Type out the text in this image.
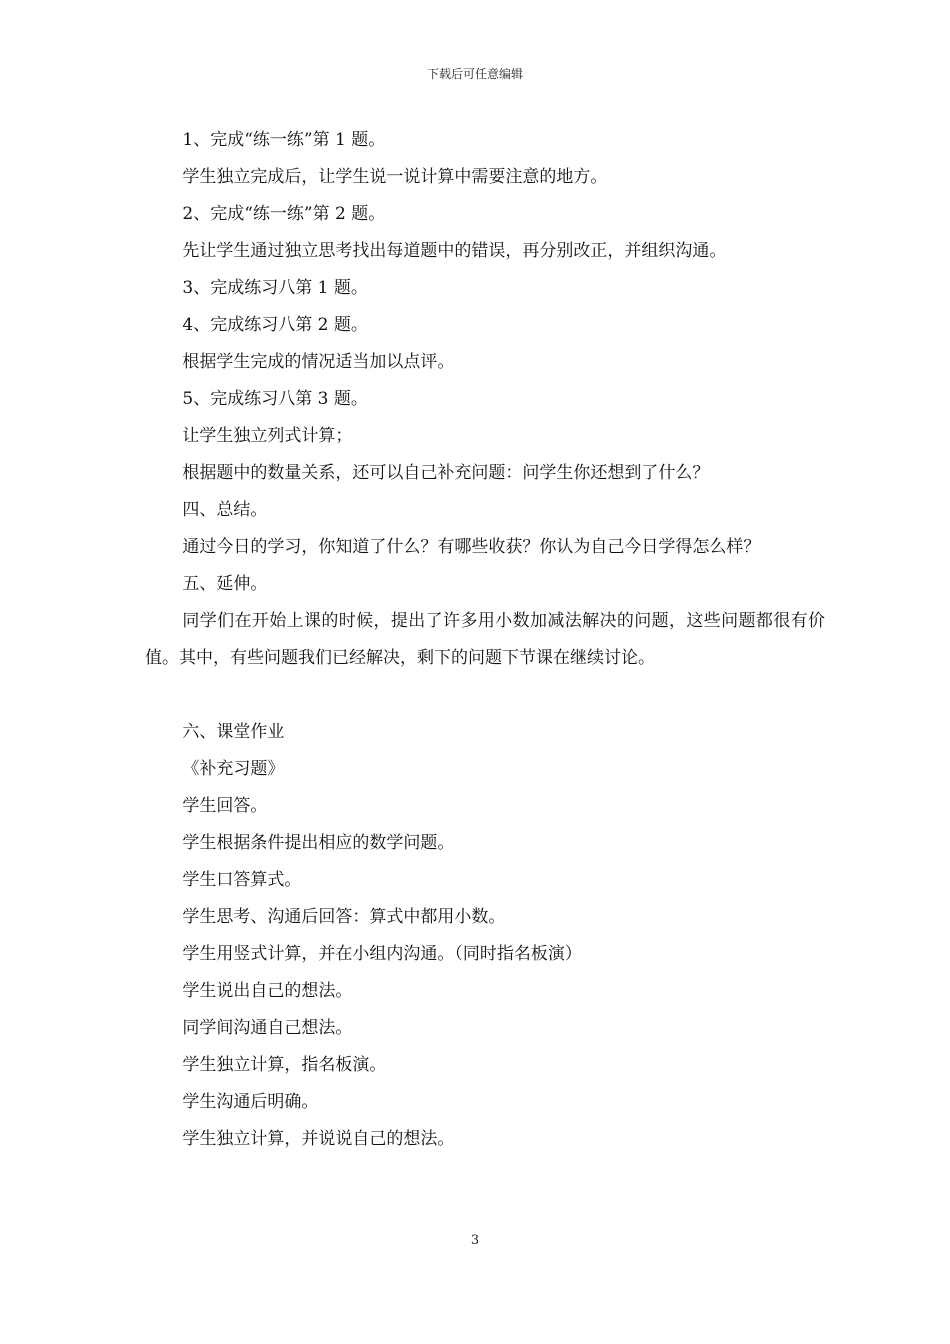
下载后可任意编辑

1、完成“练一练”第 1 题。

学生独立完成后，让学生说一说计算中需要注意的地方。

2、完成“练一练”第 2 题。

先让学生通过独立思考找出每道题中的错误，再分别改正，并组织沟通。

3、完成练习八第 1 题。

4、完成练习八第 2 题。

根据学生完成的情况适当加以点评。

5、完成练习八第 3 题。

让学生独立列式计算；

根据题中的数量关系，还可以自己补充问题：问学生你还想到了什么？

四、总结。

通过今日的学习，你知道了什么？有哪些收获？你认为自己今日学得怎么样？

五、延伸。

同学们在开始上课的时候，提出了许多用小数加减法解决的问题，这些问题都很有价值。其中，有些问题我们已经解决，剩下的问题下节课在继续讨论。

六、课堂作业

《补充习题》

学生回答。

学生根据条件提出相应的数学问题。

学生口答算式。

学生思考、沟通后回答：算式中都用小数。

学生用竖式计算，并在小组内沟通。（同时指名板演）

学生说出自己的想法。

同学间沟通自己想法。

学生独立计算，指名板演。

学生沟通后明确。

学生独立计算，并说说自己的想法。

3
